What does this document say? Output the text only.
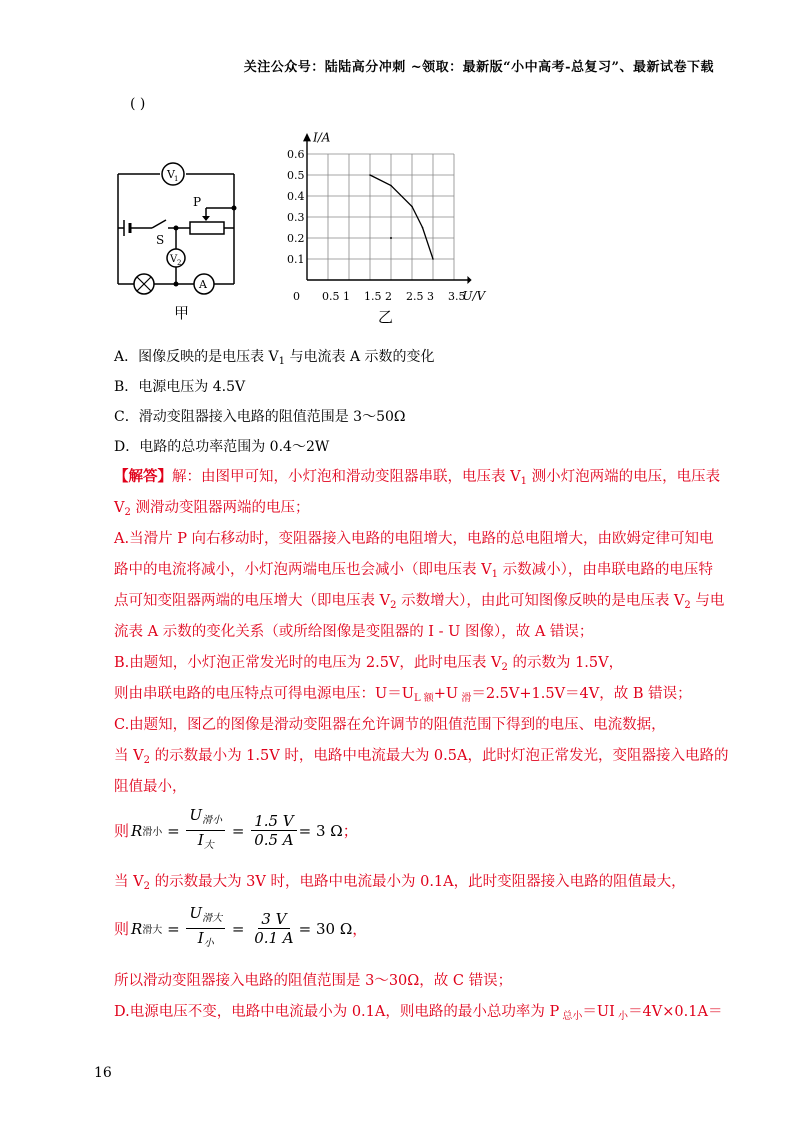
关注公众号：陆陆高分冲刺 ~领取：最新版“小中高考-总复习”、最新试卷下载
( )
V 1
V 2
A
P
S
甲
0.1
0.2
0.3
0.4
0.5
0.6
0.5 1 1.5 2 2.5 3 3.5
0
I/A
U/V
乙
A．图像反映的是电压表 $V_1$ 与电流表 A 示数的变化
B．电源电压为 4.5V
C．滑动变阻器接入电路的阻值范围是 3～50Ω
D．电路的总功率范围为 0.4～2W
【解答】解：由图甲可知，小灯泡和滑动变阻器串联，电压表 $V_1$ 测小灯泡两端的电压，电压表
$V_2$ 测滑动变阻器两端的电压；
A.当滑片 P 向右移动时，变阻器接入电路的电阻增大，电路的总电阻增大，由欧姆定律可知电
路中的电流将减小，小灯泡两端电压也会减小（即电压表 $V_1$ 示数减小），由串联电路的电压特
点可知变阻器两端的电压增大（即电压表 $V_2$ 示数增大），由此可知图像反映的是电压表 $V_2$ 与电
流表 A 示数的变化关系（或所给图像是变阻器的 I - U 图像），故 A 错误；
B.由题知，小灯泡正常发光时的电压为 2.5V，此时电压表 $V_2$ 的示数为 1.5V，
则由串联电路的电压特点可得电源电压：$U=U_{L 额}+U$ $_滑$＝2.5V+1.5V＝4V，故 B 错误；
C.由题知，图乙的图像是滑动变阻器在允许调节的阻值范围下得到的电压、电流数据，
当 $V_2$ 的示数最小为 1.5V 时，电路中电流最大为 0.5A，此时灯泡正常发光，变阻器接入电路的
阻值最小，
则 R 滑小 = $\frac{U_{滑小}}{I_大} = \frac{1.5 V}{0.5 A} = 3$ Ω ；
当 $V_2$ 的示数最大为 3V 时，电路中电流最小为 0.1A，此时变阻器接入电路的阻值最大，
则 R 滑大 = $\frac{U_{滑大}}{I_小} = \frac{3 V}{0.1 A} = 30$ Ω ，
所以滑动变阻器接入电路的阻值范围是 3～30Ω，故 C 错误；
D.电源电压不变，电路中电流最小为 0.1A，则电路的最小总功率为 P $_{总小}$＝UI $_小$＝4V×0.1A＝
16
